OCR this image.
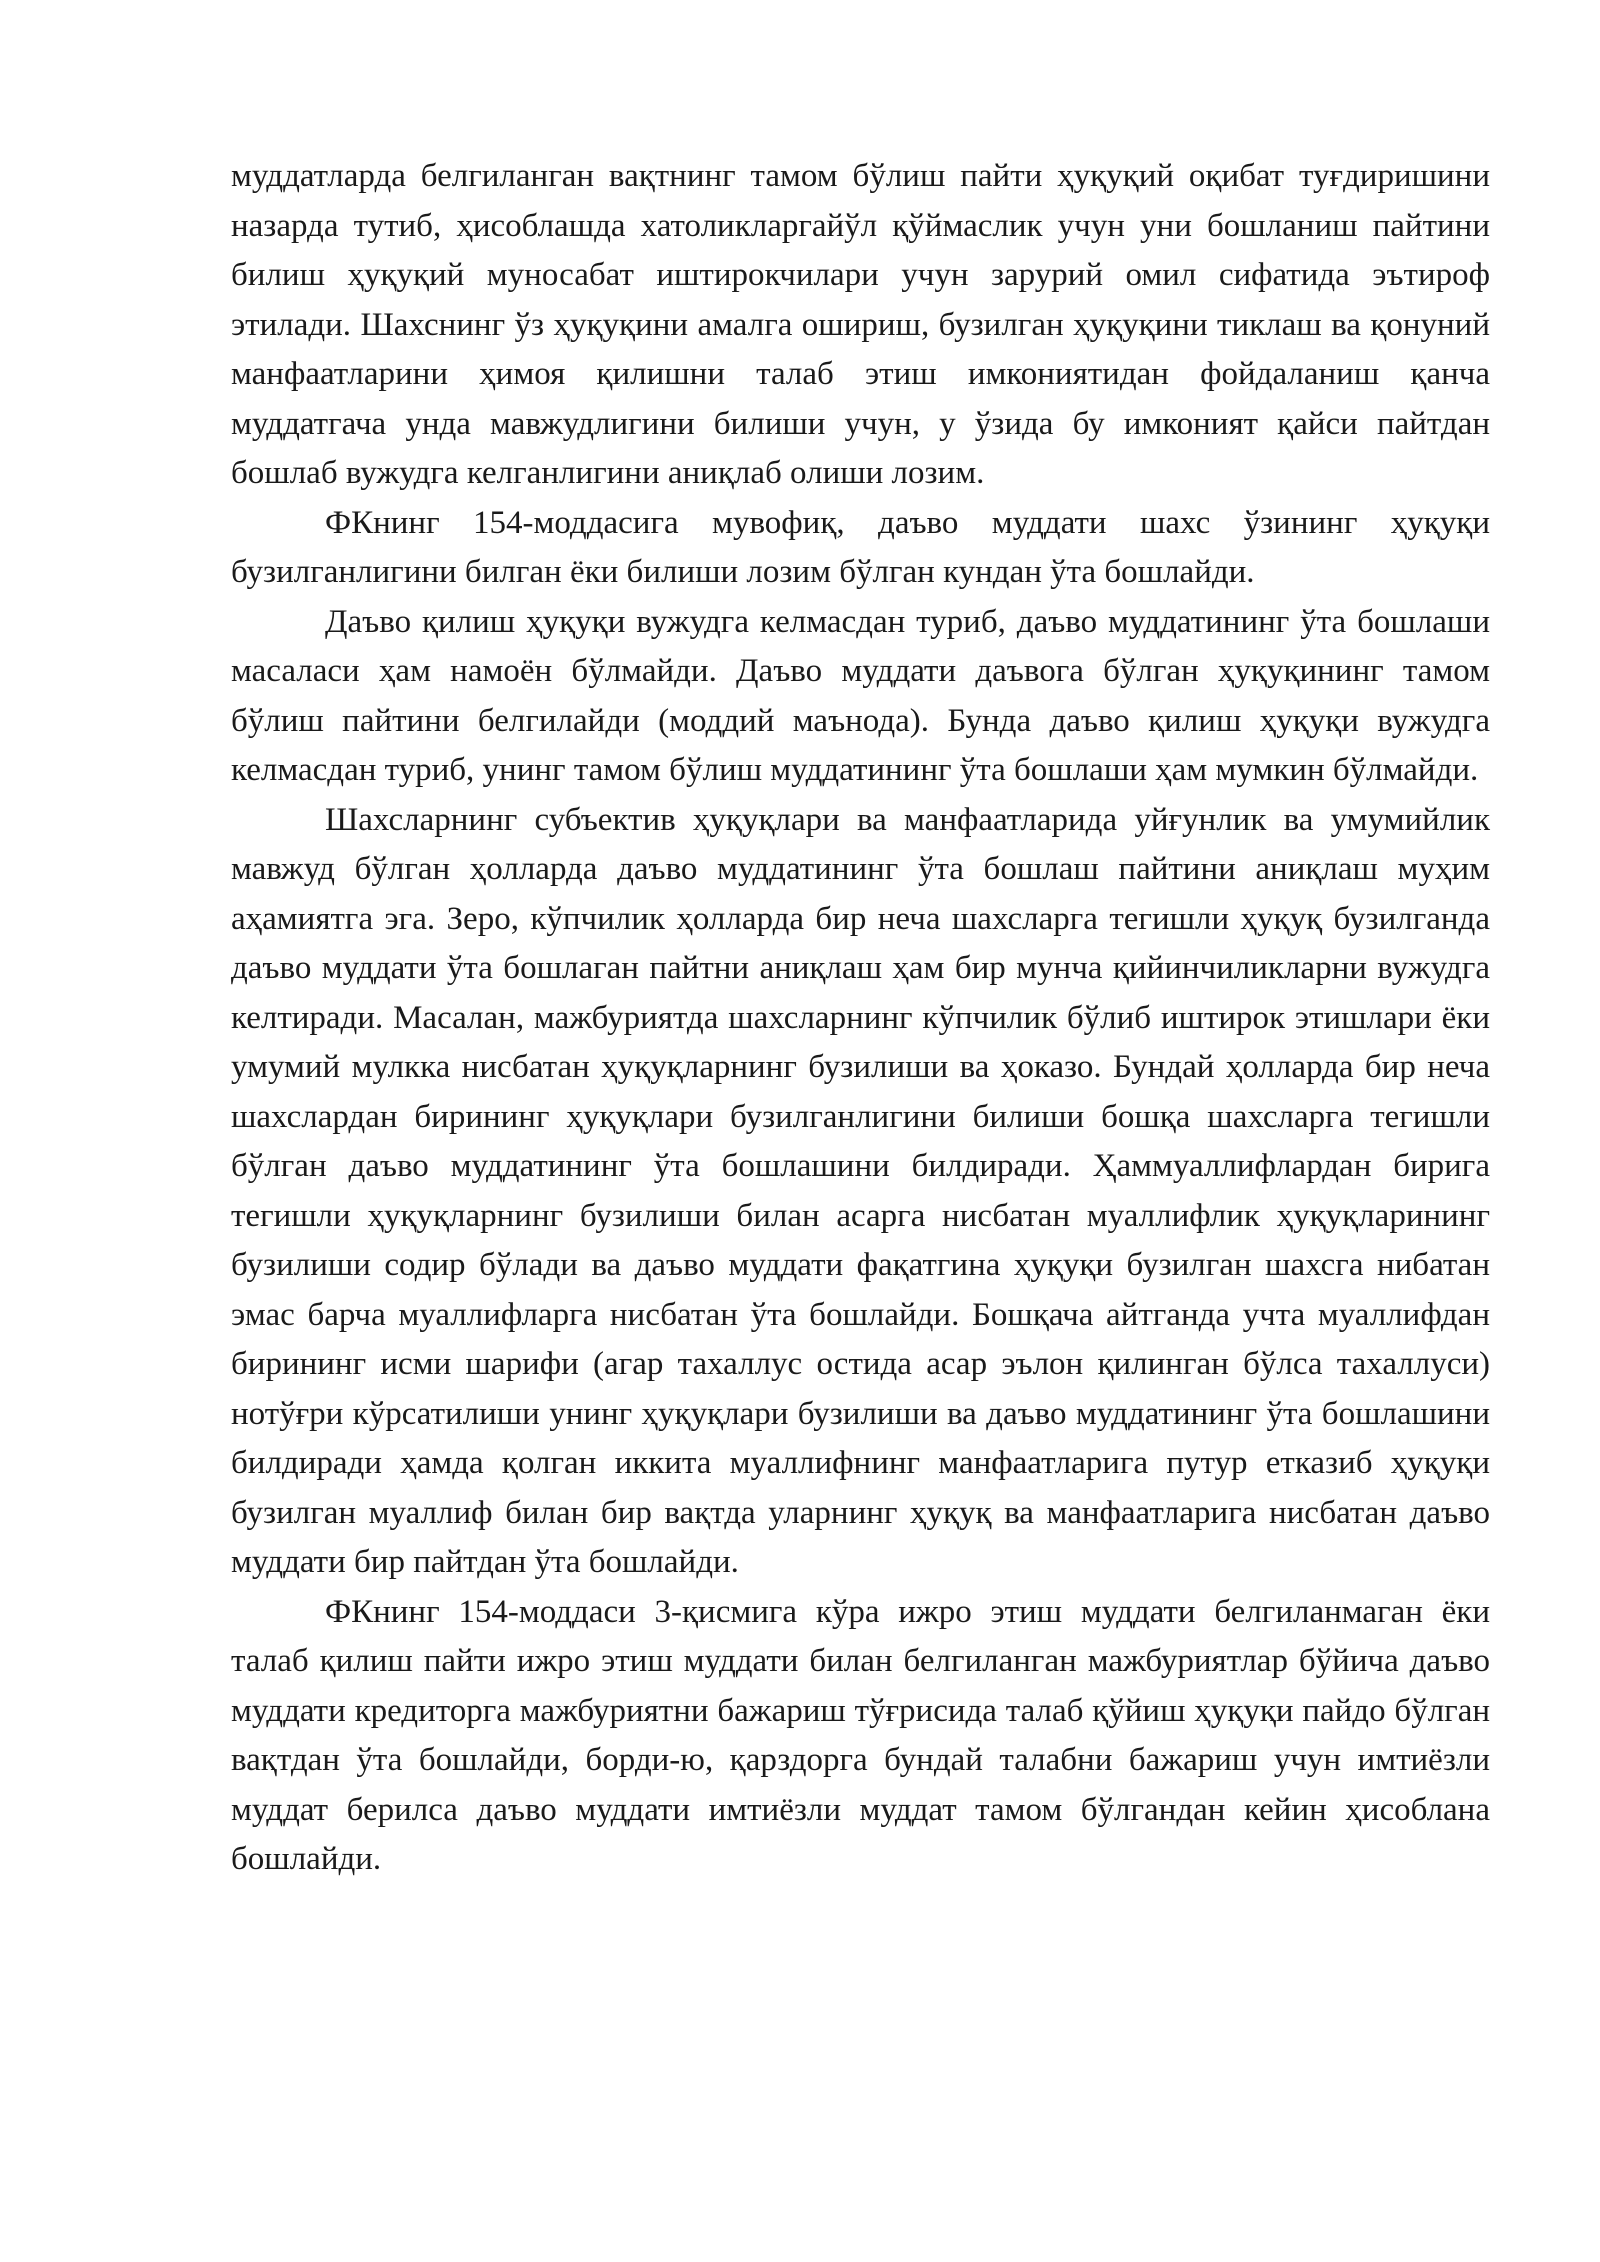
муддатларда белгиланган вақтнинг тамом бўлиш пайти ҳуқуқий оқибат туғдиришини назарда тутиб, ҳисоблашда хатоликларгайўл қўймаслик учун уни бошланиш пайтини билиш ҳуқуқий муносабат иштирокчилари учун зарурий омил сифатида эътироф этилади. Шахснинг ўз ҳуқуқини амалга ошириш, бузилган ҳуқуқини тиклаш ва қонуний манфаатларини ҳимоя қилишни талаб этиш имкониятидан фойдаланиш қанча муддатгача унда мавжудлигини билиши учун, у ўзида бу имконият қайси пайтдан бошлаб вужудга келганлигини аниқлаб олиши лозим.

ФКнинг 154-моддасига мувофиқ, даъво муддати шахс ўзининг ҳуқуқи бузилганлигини билган ёки билиши лозим бўлган кундан ўта бошлайди.

Даъво қилиш ҳуқуқи вужудга келмасдан туриб, даъво муддатининг ўта бошлаши масаласи ҳам намоён бўлмайди. Даъво муддати даъвога бўлган ҳуқуқининг тамом бўлиш пайтини белгилайди (моддий маънода). Бунда даъво қилиш ҳуқуқи вужудга келмасдан туриб, унинг тамом бўлиш муддатининг ўта бошлаши ҳам мумкин бўлмайди.

Шахсларнинг субъектив ҳуқуқлари ва манфаатларида уйғунлик ва умумийлик мавжуд бўлган ҳолларда даъво муддатининг ўта бошлаш пайтини аниқлаш муҳим аҳамиятга эга. Зеро, кўпчилик ҳолларда бир неча шахсларга тегишли ҳуқуқ бузилганда даъво муддати ўта бошлаган пайтни аниқлаш ҳам бир мунча қийинчиликларни вужудга келтиради. Масалан, мажбуриятда шахсларнинг кўпчилик бўлиб иштирок этишлари ёки умумий мулкка нисбатан ҳуқуқларнинг бузилиши ва ҳоказо. Бундай ҳолларда бир неча шахслардан бирининг ҳуқуқлари бузилганлигини билиши бошқа шахсларга тегишли бўлган даъво муддатининг ўта бошлашини билдиради. Ҳаммуаллифлардан бирига тегишли ҳуқуқларнинг бузилиши билан асарга нисбатан муаллифлик ҳуқуқларининг бузилиши содир бўлади ва даъво муддати фақатгина ҳуқуқи бузилган шахсга нибатан эмас барча муаллифларга нисбатан ўта бошлайди. Бошқача айтганда учта муаллифдан бирининг исми шарифи (агар тахаллус остида асар эълон қилинган бўлса тахаллуси) нотўғри кўрсатилиши унинг ҳуқуқлари бузилиши ва даъво муддатининг ўта бошлашини билдиради ҳамда қолган иккита муаллифнинг манфаатларига путур етказиб ҳуқуқи бузилган муаллиф билан бир вақтда уларнинг ҳуқуқ ва манфаатларига нисбатан даъво муддати бир пайтдан ўта бошлайди.

ФКнинг 154-моддаси 3-қисмига кўра ижро этиш муддати белгиланмаган ёки талаб қилиш пайти ижро этиш муддати билан белгиланган мажбуриятлар бўйича даъво муддати кредиторга мажбуриятни бажариш тўғрисида талаб қўйиш ҳуқуқи пайдо бўлган вақтдан ўта бошлайди, борди-ю, қарздорга бундай талабни бажариш учун имтиёзли муддат берилса даъво муддати имтиёзли муддат тамом бўлгандан кейин ҳисоблана бошлайди.
